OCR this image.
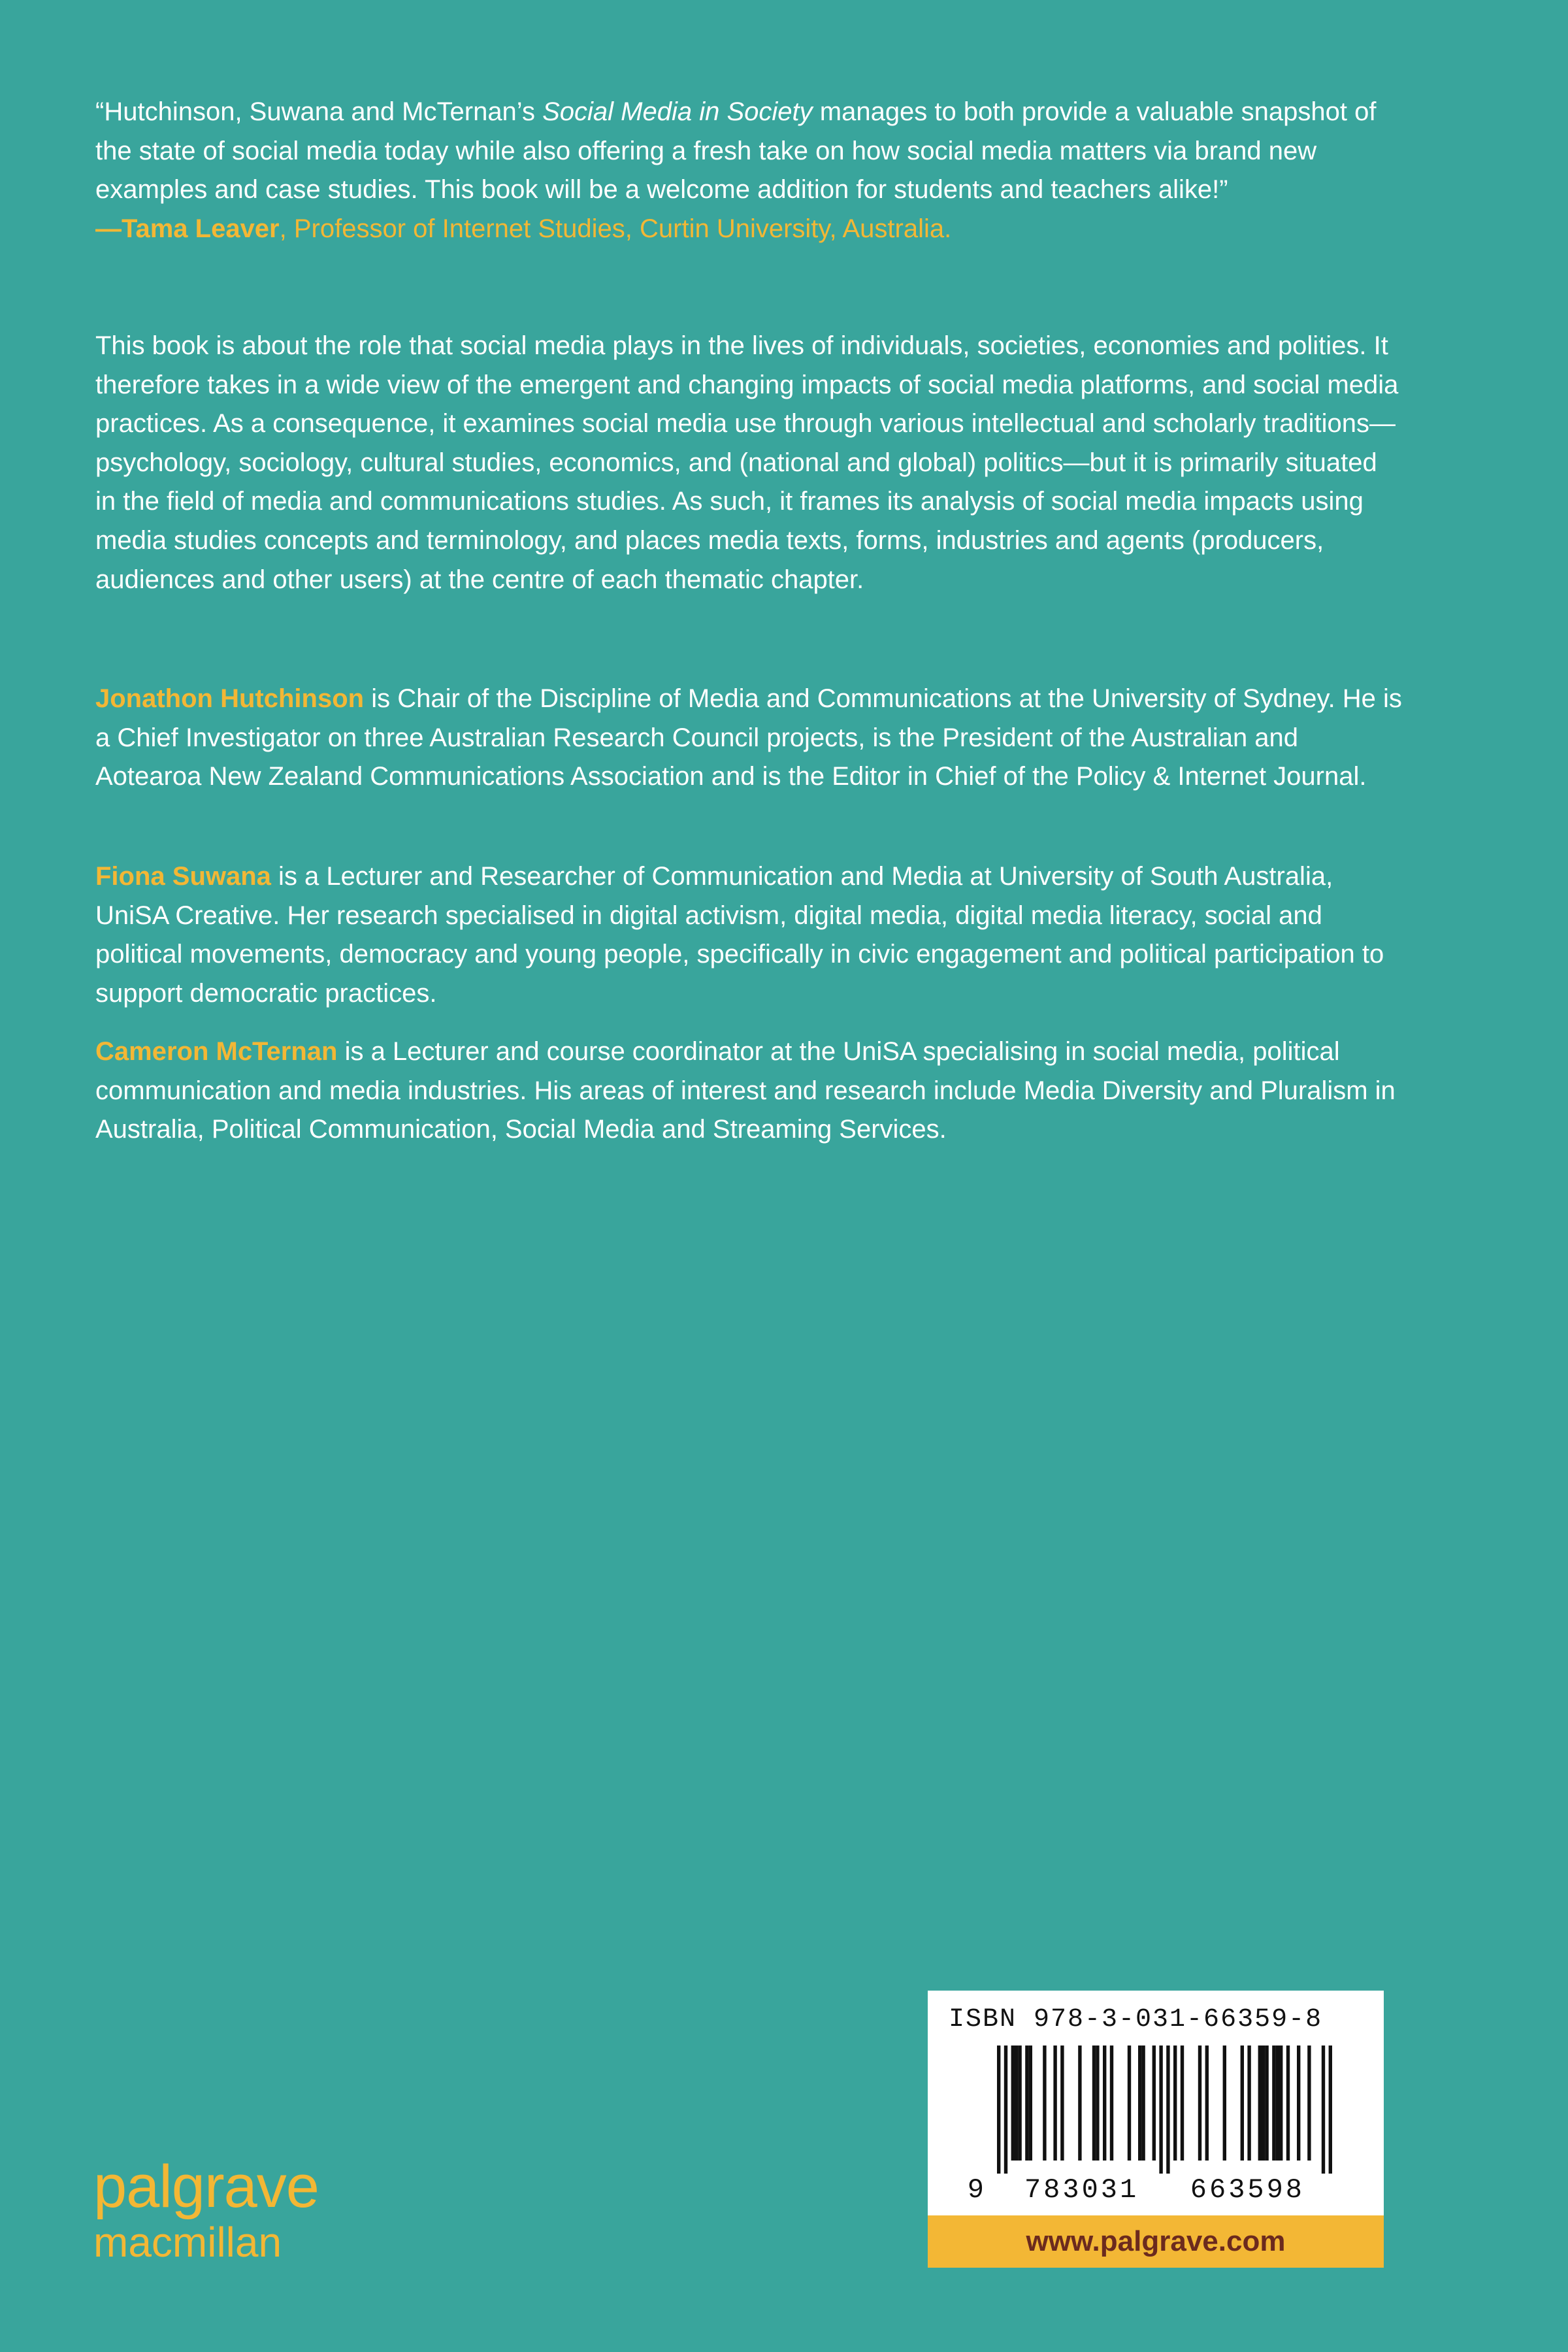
“Hutchinson, Suwana and McTernan’s Social Media in Society manages to both provide a valuable snapshot of the state of social media today while also offering a fresh take on how social media matters via brand new examples and case studies. This book will be a welcome addition for students and teachers alike!”

—Tama Leaver, Professor of Internet Studies, Curtin University, Australia.

This book is about the role that social media plays in the lives of individuals, societies, economies and polities. It therefore takes in a wide view of the emergent and changing impacts of social media platforms, and social media practices. As a consequence, it examines social media use through various intellectual and scholarly traditions—psychology, sociology, cultural studies, economics, and (national and global) politics—but it is primarily situated in the field of media and communications studies. As such, it frames its analysis of social media impacts using media studies concepts and terminology, and places media texts, forms, industries and agents (producers, audiences and other users) at the centre of each thematic chapter.

Jonathon Hutchinson is Chair of the Discipline of Media and Communications at the University of Sydney. He is a Chief Investigator on three Australian Research Council projects, is the President of the Australian and Aotearoa New Zealand Communications Association and is the Editor in Chief of the Policy & Internet Journal.

Fiona Suwana is a Lecturer and Researcher of Communication and Media at University of South Australia, UniSA Creative. Her research specialised in digital activism, digital media, digital media literacy, social and political movements, democracy and young people, specifically in civic engagement and political participation to support democratic practices.

Cameron McTernan is a Lecturer and course coordinator at the UniSA specialising in social media, political communication and media industries. His areas of interest and research include Media Diversity and Pluralism in Australia, Political Communication, Social Media and Streaming Services.

palgrave
macmillan
ISBN 978-3-031-66359-8
9 783031 663598
www.palgrave.com
